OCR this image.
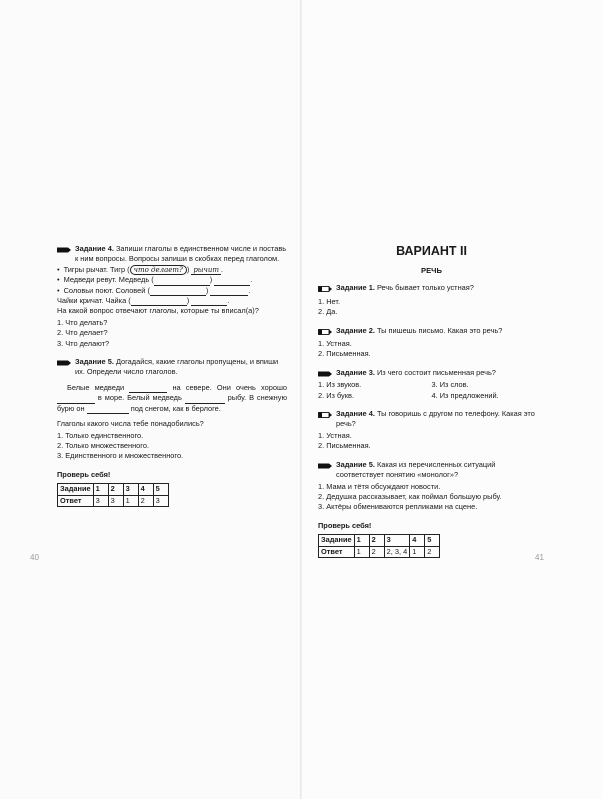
Задание 4. Запиши глаголы в единственном числе и поставь к ним вопросы. Вопросы запиши в скобках перед глаголом.

• Тигры рычат. Тигр ( что делает? ) рычит .
• Медведи ревут. Медведь (	)	.
• Соловьи поют. Соловей (	)	.
Чайки кричат. Чайка (	)	.

На какой вопрос отвечают глаголы, которые ты вписал(а)?

1. Что делать?
2. Что делает?
3. Что делают?

Задание 5. Догадайся, какие глаголы пропущены, и впиши их. Определи число глаголов.

Белые медведи	на севере. Они очень хорошо  в море. Белый медведь	рыбу. В снежную бурю он	под снегом, как в берлоге.

Глаголы какого числа тебе понадобились?

1. Только единственного.
2. Только множественного.
3. Единственного и множественного.

Проверь себя!

Задание	1	2	3	4	5
Ответ	3	3	1	2	3
ВАРИАНТ II
РЕЧЬ

Задание 1. Речь бывает только устная?

1. Нет.
2. Да.

Задание 2. Ты пишешь письмо. Какая это речь?

1. Устная.
2. Письменная.

Задание 3. Из чего состоит письменная речь?

1. Из звуков.	3. Из слов.
2. Из букв.	4. Из предложений.

Задание 4. Ты говоришь с другом по телефону. Какая это речь?

1. Устная.
2. Письменная.

Задание 5. Какая из перечисленных ситуаций соответствует понятию «монолог»?

1. Мама и тётя обсуждают новости.
2. Дедушка рассказывает, как поймал большую рыбу.
3. Актёры обмениваются репликами на сцене.

Проверь себя!

Задание	1	2	3	4	5
Ответ	1	2	2, 3, 4	1	2
40	41
